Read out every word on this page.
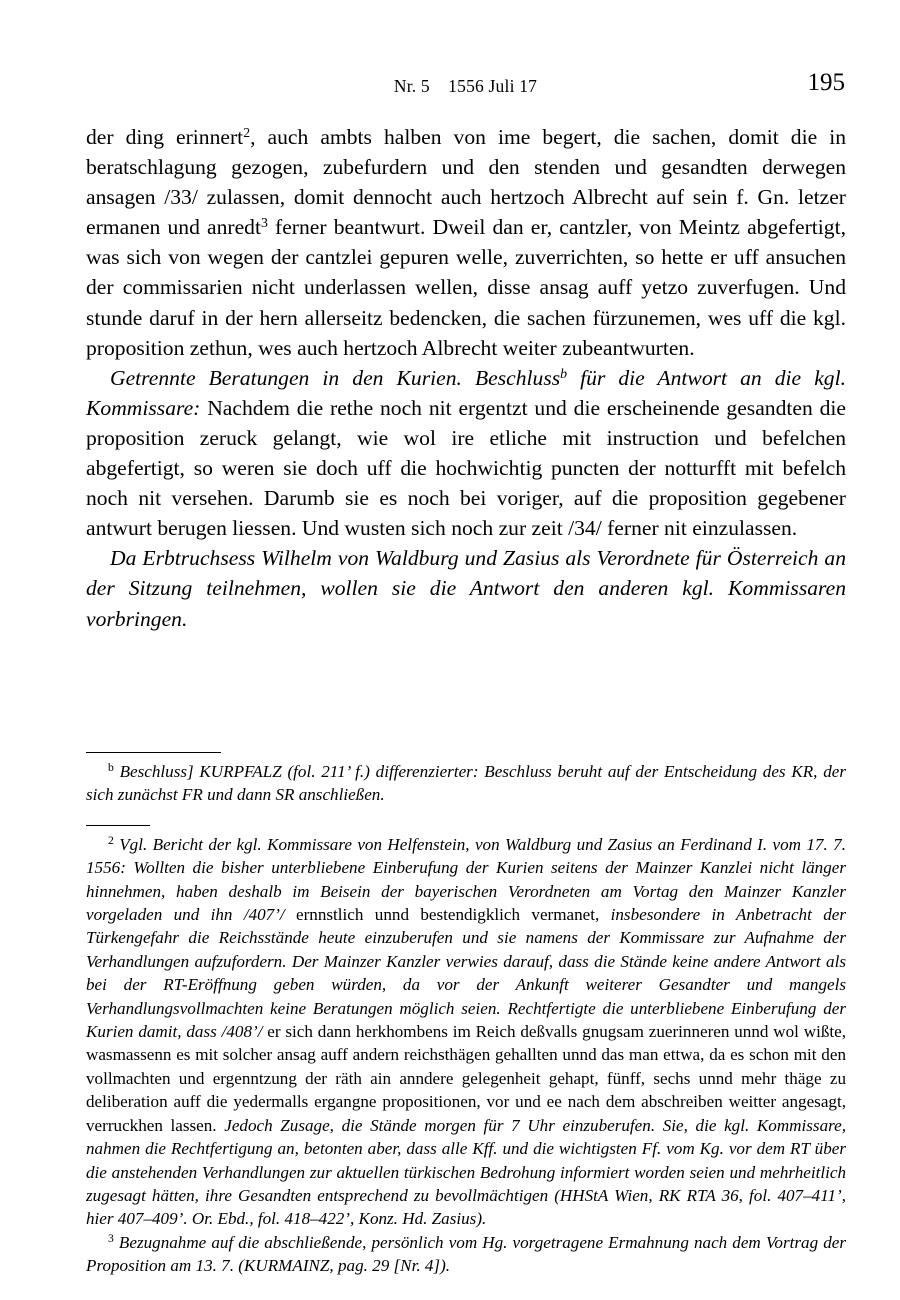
Nr. 5    1556 Juli 17	195

der ding erinnert$^2$, auch ambts halben von ime begert, die sachen, domit die in beratschlagung gezogen, zubefurdern und den stenden und gesandten derwegen ansagen /33/ zulassen, domit dennocht auch hertzoch Albrecht auf sein f. Gn. letzer ermanen und anredt$^3$ ferner beantwurt. Dweil dan er, cantzler, von Meintz abgefertigt, was sich von wegen der cantzlei gepuren welle, zuverrichten, so hette er uff ansuchen der commissarien nicht underlassen wellen, disse ansag auff yetzo zuverfugen. Und stunde daruf in der hern allerseitz bedencken, die sachen fürzunemen, wes uff die kgl. proposition zethun, wes auch hertzoch Albrecht weiter zubeantwurten.

Getrennte Beratungen in den Kurien. Beschluss$^b$ für die Antwort an die kgl. Kommissare: Nachdem die rethe noch nit ergentzt und die erscheinende gesandten die proposition zeruck gelangt, wie wol ire etliche mit instruction und befelchen abgefertigt, so weren sie doch uff die hochwichtig puncten der notturfft mit befelch noch nit versehen. Darumb sie es noch bei voriger, auf die proposition gegebener antwurt berugen liessen. Und wusten sich noch zur zeit /34/ ferner nit einzulassen.

Da Erbtruchsess Wilhelm von Waldburg und Zasius als Verordnete für Österreich an der Sitzung teilnehmen, wollen sie die Antwort den anderen kgl. Kommissaren vorbringen.

$^b$ Beschluss] KURPFALZ (fol. 211’ f.) differenzierter: Beschluss beruht auf der Entscheidung des KR, der sich zunächst FR und dann SR anschließen.

$^2$ Vgl. Bericht der kgl. Kommissare von Helfenstein, von Waldburg und Zasius an Ferdinand I. vom 17. 7. 1556: Wollten die bisher unterbliebene Einberufung der Kurien seitens der Mainzer Kanzlei nicht länger hinnehmen, haben deshalb im Beisein der bayerischen Verordneten am Vortag den Mainzer Kanzler vorgeladen und ihn /407’/ ernnstlich unnd bestendigklich vermanet, insbesondere in Anbetracht der Türkengefahr die Reichsstände heute einzuberufen und sie namens der Kommissare zur Aufnahme der Verhandlungen aufzufordern. Der Mainzer Kanzler verwies darauf, dass die Stände keine andere Antwort als bei der RT-Eröffnung geben würden, da vor der Ankunft weiterer Gesandter und mangels Verhandlungsvollmachten keine Beratungen möglich seien. Rechtfertigte die unterbliebene Einberufung der Kurien damit, dass /408’/ er sich dann herkhombens im Reich deßvalls gnugsam zuerinneren unnd wol wißte, wasmassenn es mit solcher ansag auff andern reichsthägen gehallten unnd das man ettwa, da es schon mit den vollmachten und ergenntzung der räth ain anndere gelegenheit gehapt, fünff, sechs unnd mehr thäge zu deliberation auff die yedermalls ergangne propositionen, vor und ee nach dem abschreiben weitter angesagt, verruckhen lassen. Jedoch Zusage, die Stände morgen für 7 Uhr einzuberufen. Sie, die kgl. Kommissare, nahmen die Rechtfertigung an, betonten aber, dass alle Kff. und die wichtigsten Ff. vom Kg. vor dem RT über die anstehenden Verhandlungen zur aktuellen türkischen Bedrohung informiert worden seien und mehrheitlich zugesagt hätten, ihre Gesandten entsprechend zu bevollmächtigen (HHStA Wien, RK RTA 36, fol. 407–411’, hier 407–409’. Or. Ebd., fol. 418–422’, Konz. Hd. Zasius).

$^3$ Bezugnahme auf die abschließende, persönlich vom Hg. vorgetragene Ermahnung nach dem Vortrag der Proposition am 13. 7. (KURMAINZ, pag. 29 [Nr. 4]).
